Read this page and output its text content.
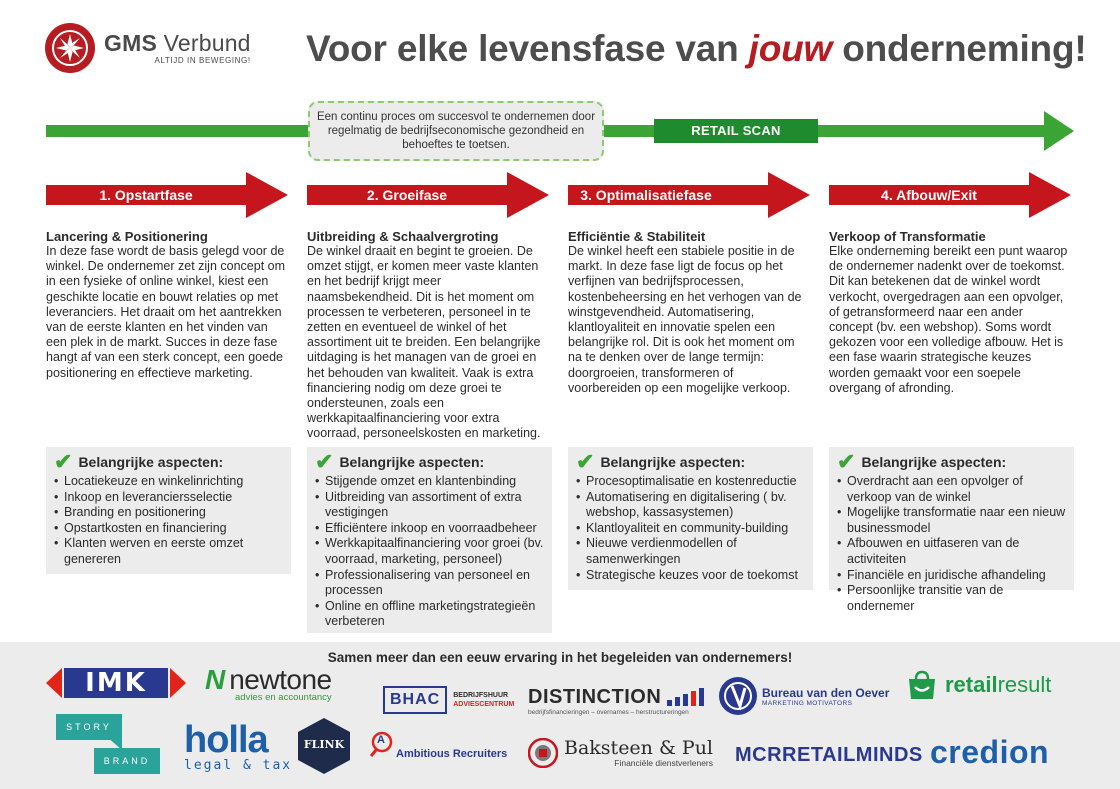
GMS Verbund
ALTIJD IN BEWEGING! Voor elke levensfase van jouw onderneming!
Een continu proces om succesvol te ondernemen door regelmatig de bedrijfseconomische gezondheid en behoeftes te toetsen.
RETAIL SCAN
1. Opstartfase	2. Groeifase	3. Optimalisatiefase	4. Afbouw/Exit
Lancering & Positionering
In deze fase wordt de basis gelegd voor de winkel. De ondernemer zet zijn concept om in een fysieke of online winkel, kiest een geschikte locatie en bouwt relaties op met leveranciers. Het draait om het aantrekken van de eerste klanten en het vinden van een plek in de markt. Succes in deze fase hangt af van een sterk concept, een goede positionering en effectieve marketing.
Uitbreiding & Schaalvergroting
De winkel draait en begint te groeien. De omzet stijgt, er komen meer vaste klanten en het bedrijf krijgt meer naamsbekendheid. Dit is het moment om processen te verbeteren, personeel in te zetten en eventueel de winkel of het assortiment uit te breiden. Een belangrijke uitdaging is het managen van de groei en het behouden van kwaliteit. Vaak is extra financiering nodig om deze groei te ondersteunen, zoals een werkkapitaalfinanciering voor extra voorraad, personeelskosten en marketing.
Efficiëntie & Stabiliteit
De winkel heeft een stabiele positie in de markt. In deze fase ligt de focus op het verfijnen van bedrijfsprocessen, kostenbeheersing en het verhogen van de winstgevendheid. Automatisering, klantloyaliteit en innovatie spelen een belangrijke rol. Dit is ook het moment om na te denken over de lange termijn: doorgroeien, transformeren of voorbereiden op een mogelijke verkoop.
Verkoop of Transformatie
Elke onderneming bereikt een punt waarop de ondernemer nadenkt over de toekomst. Dit kan betekenen dat de winkel wordt verkocht, overgedragen aan een opvolger, of getransformeerd naar een ander concept (bv. een webshop). Soms wordt gekozen voor een volledige afbouw. Het is een fase waarin strategische keuzes worden gemaakt voor een soepele overgang of afronding.
✔ Belangrijke aspecten:
• Locatiekeuze en winkelinrichting
• Inkoop en leveranciersselectie
• Branding en positionering
• Opstartkosten en financiering
• Klanten werven en eerste omzet genereren
✔ Belangrijke aspecten:
• Stijgende omzet en klantenbinding
• Uitbreiding van assortiment of extra vestigingen
• Efficiëntere inkoop en voorraadbeheer
• Werkkapitaalfinanciering voor groei (bv. voorraad, marketing, personeel)
• Professionalisering van personeel en processen
• Online en offline marketingstrategieën verbeteren
✔ Belangrijke aspecten:
• Procesoptimalisatie en kostenreductie
• Automatisering en digitalisering ( bv. webshop, kassasystemen)
• Klantloyaliteit en community-building
• Nieuwe verdienmodellen of samenwerkingen
• Strategische keuzes voor de toekomst
✔ Belangrijke aspecten:
• Overdracht aan een opvolger of verkoop van de winkel
• Mogelijke transformatie naar een nieuw businessmodel
• Afbouwen en uitfaseren van de activiteiten
• Financiële en juridische afhandeling
• Persoonlijke transitie van de ondernemer
Samen meer dan een eeuw ervaring in het begeleiden van ondernemers!
IMK	N newtone
advies en accountancy	BHAC	BEDRIJFSHUUR
ADVIESCENTRUM DISTINCTION
bedrijfsfinancieringen – overnames – herstructureringen
Bureau van den Oever
MARKETING MOTIVATORS
retailresult
STORY
BRAND holla
legal & tax
FLINK	A
Ambitious Recruiters	Baksteen & Pul
Financiële dienstverleners MCRRETAILMINDS credion
